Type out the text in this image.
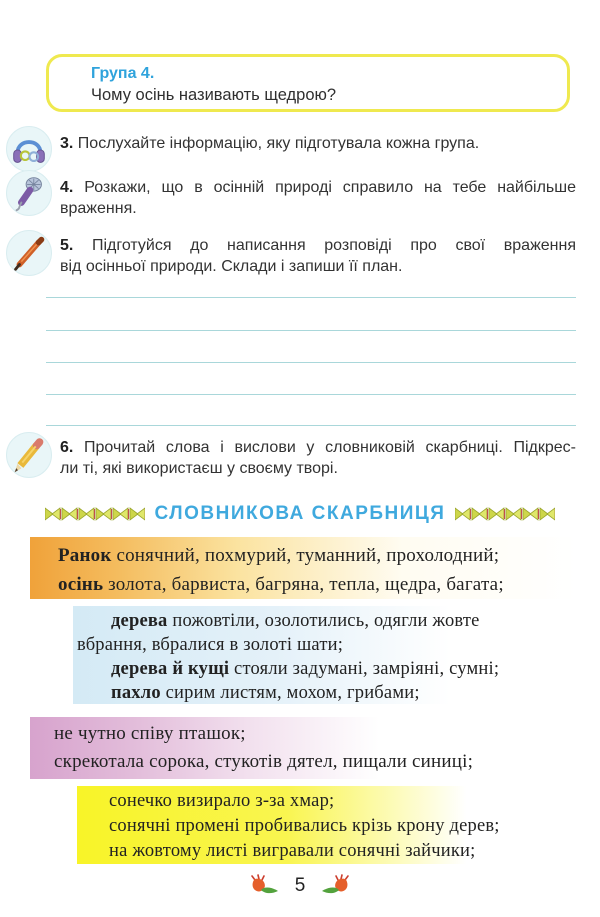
Група 4.
Чому осінь називають щедрою?
3. Послухайте інформацію, яку підготувала кожна група.
4. Розкажи, що в осінній природі справило на тебе найбільше
враження.
5. Підготуйся до написання розповіді про свої враження
від осінньої природи. Склади і запиши її план.
6. Прочитай слова і вислови у словниковій скарбниці. Підкрес-
ли ті, які використаєш у своєму творі.
СЛОВНИКОВА СКАРБНИЦЯ
Ранок сонячний, похмурий, туманний, прохолодний;
осінь золота, барвиста, багряна, тепла, щедра, багата;
дерева пожовтіли, озолотились, одягли жовте
вбрання, вбралися в золоті шати;
дерева й кущі стояли задумані, замріяні, сумні;
пахло сирим листям, мохом, грибами;
не чутно співу пташок;
скрекотала сорока, стукотів дятел, пищали синиці;
сонечко визирало з-за хмар;
сонячні промені пробивались крізь крону дерев;
на жовтому листі вигравали сонячні зайчики;
5
